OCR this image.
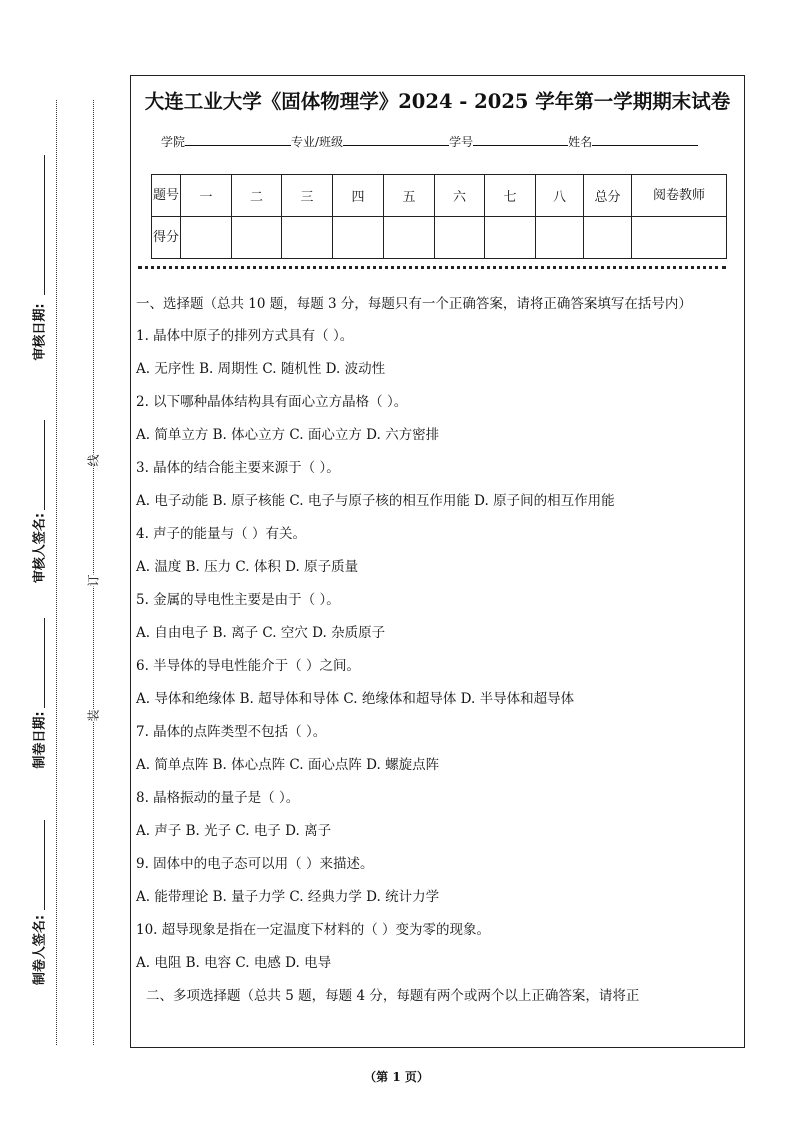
审核日期:
审核人签名:
制卷日期:
制卷人签名:
线
订
装
大连工业大学《固体物理学》2024 - 2025 学年第一学期期末试卷
学院	专业/班级	学号	姓名
题号	一	二	三	四	五	六	七	八	总分	阅卷教师
得分										

一、选择题（总共 10 题，每题 3 分，每题只有一个正确答案，请将正确答案填写在括号内）

1. 晶体中原子的排列方式具有（ ）。

A. 无序性 B. 周期性 C. 随机性 D. 波动性

2. 以下哪种晶体结构具有面心立方晶格（ ）。

A. 简单立方 B. 体心立方 C. 面心立方 D. 六方密排

3. 晶体的结合能主要来源于（ ）。

A. 电子动能 B. 原子核能 C. 电子与原子核的相互作用能 D. 原子间的相互作用能

4. 声子的能量与（ ）有关。

A. 温度 B. 压力 C. 体积 D. 原子质量

5. 金属的导电性主要是由于（ ）。

A. 自由电子 B. 离子 C. 空穴 D. 杂质原子

6. 半导体的导电性能介于（ ）之间。

A. 导体和绝缘体 B. 超导体和导体 C. 绝缘体和超导体 D. 半导体和超导体

7. 晶体的点阵类型不包括（ ）。

A. 简单点阵 B. 体心点阵 C. 面心点阵 D. 螺旋点阵

8. 晶格振动的量子是（ ）。

A. 声子 B. 光子 C. 电子 D. 离子

9. 固体中的电子态可以用（ ）来描述。

A. 能带理论 B. 量子力学 C. 经典力学 D. 统计力学

10. 超导现象是指在一定温度下材料的（ ）变为零的现象。

A. 电阻 B. 电容 C. 电感 D. 电导

二、多项选择题（总共 5 题，每题 4 分，每题有两个或两个以上正确答案，请将正

（第 1 页）
